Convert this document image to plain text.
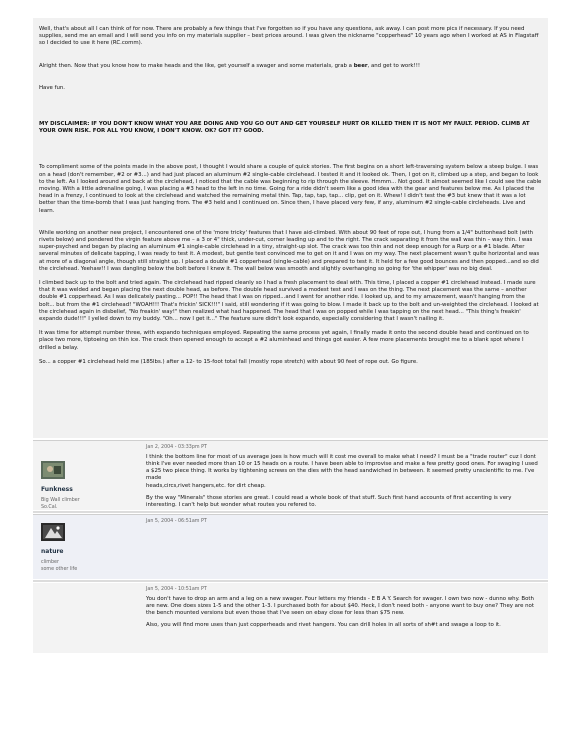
Well, that's about all I can think of for now. There are probably a few things that I've forgotten so if you have any questions, ask away. I can post more pics if necessary. If you need supplies, send me an email and I will send you info on my materials supplier – best prices around. I was given the nickname "copperhead" 10 years ago when I worked at AS in Flagstaff so I decided to use it here (RC.comm).

Alright then. Now that you know how to make heads and the like, get yourself a swager and some materials, grab a beer, and get to work!!!

Have fun.

MY DISCLAIMER: IF YOU DON'T KNOW WHAT YOU ARE DOING AND YOU GO OUT AND GET YOURSELF HURT OR KILLED THEN IT IS NOT MY FAULT. PERIOD. CLIMB AT YOUR OWN RISK. FOR ALL YOU KNOW, I DON'T KNOW. OK? GOT IT? GOOD.

To compliment some of the points made in the above post, I thought I would share a couple of quick stories. The first begins on a short left-traversing system below a steep bulge. I was on a head (don't remember, #2 or #3...) and had just placed an aluminum #2 single-cable circlehead. I tested it and it looked ok. Then, I got on it, climbed up a step, and began to look to the left. As I looked around and back at the circlehead, I noticed that the cable was beginning to rip through the sleeve. Hmmm... Not good. It almost seemed like I could see the cable moving. With a little adrenaline going, I was placing a #3 head to the left in no time. Going for a ride didn't seem like a good idea with the gear and features below me. As I placed the head in a frenzy, I continued to look at the circlehead and watched the remaining metal thin. Tap, tap, tap, tap... clip, get on it. Whew! I didn't test the #3 but knew that it was a lot better than the time-bomb that I was just hanging from. The #3 held and I continued on. Since then, I have placed very few, if any, aluminum #2 single-cable circleheads. Live and learn.

While working on another new project, I encountered one of the 'more tricky' features that I have aid-climbed. With about 90 feet of rope out, I hung from a 1/4" buttonhead bolt (with rivets below) and pondered the virgin feature above me – a 3 or 4" thick, under-cut, corner leading up and to the right. The crack separating it from the wall was thin – way thin. I was super-psyched and began by placing an aluminum #1 single-cable circlehead in a tiny, straight-up slot. The crack was too thin and not deep enough for a Rurp or a #1 blade. After several minutes of delicate tapping, I was ready to test it. A modest, but gentle test convinced me to get on it and I was on my way. The next placement wasn't quite horizontal and was at more of a diagonal angle, though still straight up. I placed a double #1 copperhead (single-cable) and prepared to test it. It held for a few good bounces and then popped...and so did the circlehead. Yeehaw!! I was dangling below the bolt before I knew it. The wall below was smooth and slightly overhanging so going for 'the whipper' was no big deal.

I climbed back up to the bolt and tried again. The circlehead had ripped cleanly so I had a fresh placement to deal with. This time, I placed a copper #1 circlehead instead. I made sure that it was welded and began placing the next double head, as before. The double head survived a modest test and I was on the thing. The next placement was the same – another double #1 copperhead. As I was delicately pasting... POP!! The head that I was on ripped...and I went for another ride. I looked up, and to my amazement, wasn't hanging from the bolt... but from the #1 circlehead! "WOAH!!! That's frickin' SICK!!!" I said, still wondering if it was going to blow. I made it back up to the bolt and un-weighted the circlehead. I looked at the circlehead again in disbelief, "No freakin' way!" then realized what had happened. The head that I was on popped while I was tapping on the next head... "This thing's freakin' expando dude!!!" I yelled down to my buddy. "Oh... now I get it..." The feature sure didn't look expando, especially considering that I wasn't nailing it.

It was time for attempt number three, with expando techniques employed. Repeating the same process yet again, I finally made it onto the second double head and continued on to place two more, tiptoeing on thin ice. The crack then opened enough to accept a #2 aluminhead and things got easier. A few more placements brought me to a blank spot where I drilled a belay.

So... a copper #1 circlehead held me (185lbs.) after a 12- to 15-foot total fall (mostly rope stretch) with about 90 feet of rope out. Go figure.

Funkness
Big Wall climber
So.Cal.
Jan 2, 2004 - 03:33pm PT

I think the bottom line for most of us average joes is how much will it cost me overall to make what I need? I must be a "trade router" cuz I dont think I've ever needed more than 10 or 15 heads on a route. I have been able to improvise and make a few pretty good ones. For swaging I used a $25 two piece thing. It works by tightening screws on the dies with the head sandwiched in between. It seemed pretty unscientific to me. I've made

heads,circs,rivet hangers,etc. for dirt cheap.

By the way "Minerals" those stories are great. I could read a whole book of that stuff. Such first hand accounts of first accenting is very interesting. I can't help but wonder what routes you refered to.

nature
climber
some other life
Jan 5, 2004 - 06:51am PT
Jan 5, 2004 - 10:51am PT

You don't have to drop an arm and a leg on a new swager. Four letters my friends - E B A Y. Search for swager. I own two now - dunno why. Both are new. One does sizes 1-5 and the other 1-3. I purchased both for about $40. Heck, I don't need both - anyone want to buy one? They are not the bench mounted versions but even those that I've seen on ebay close for less than $75 new.

Also, you will find more uses than just copperheads and rivet hangers. You can drill holes in all sorts of sh#t and swage a loop to it.
